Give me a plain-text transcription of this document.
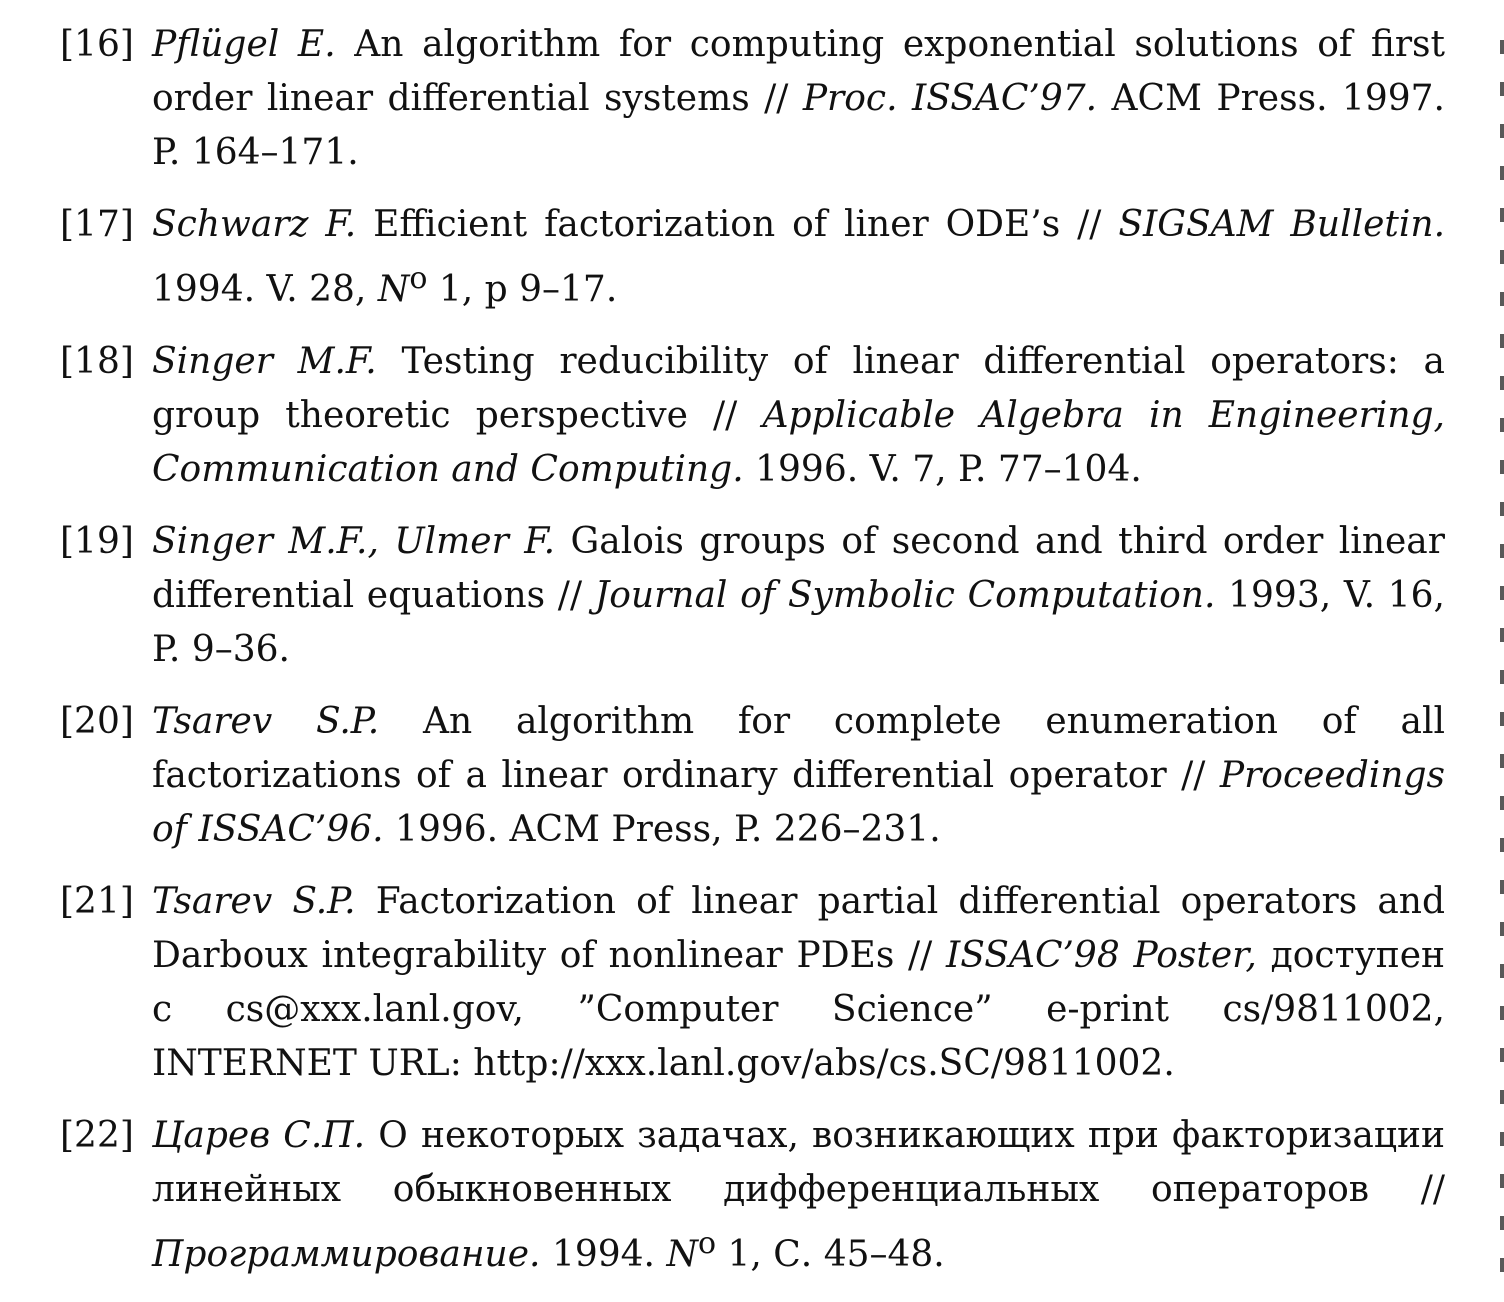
[16] Pflügel E. An algorithm for computing exponential solutions of first order linear differential systems // Proc. ISSAC’97. ACM Press. 1997. P. 164–171.
[17] Schwarz F. Efficient factorization of liner ODE’s // SIGSAM Bulletin. 1994. V. 28, $N^o$ 1, p 9–17.
[18] Singer M.F. Testing reducibility of linear differential operators: a group theoretic perspective // Applicable Algebra in Engineering, Communication and Computing. 1996. V. 7, P. 77–104.
[19] Singer M.F., Ulmer F. Galois groups of second and third order linear differential equations // Journal of Symbolic Computation. 1993, V. 16, P. 9–36.
[20] Tsarev S.P. An algorithm for complete enumeration of all factorizations of a linear ordinary differential operator // Proceedings of ISSAC’96. 1996. ACM Press, P. 226–231.
[21] Tsarev S.P. Factorization of linear partial differential operators and Darboux integrability of nonlinear PDEs // ISSAC’98 Poster, доступен с cs@xxx.lanl.gov, ”Computer Science” e-print cs/9811002, INTERNET URL: http://xxx.lanl.gov/abs/cs.SC/9811002.
[22] Царев С.П. О некоторых задачах, возникающих при факторизации линейных обыкновенных дифференциальных операторов // Программирование. 1994. $N^o$ 1, С. 45–48.
